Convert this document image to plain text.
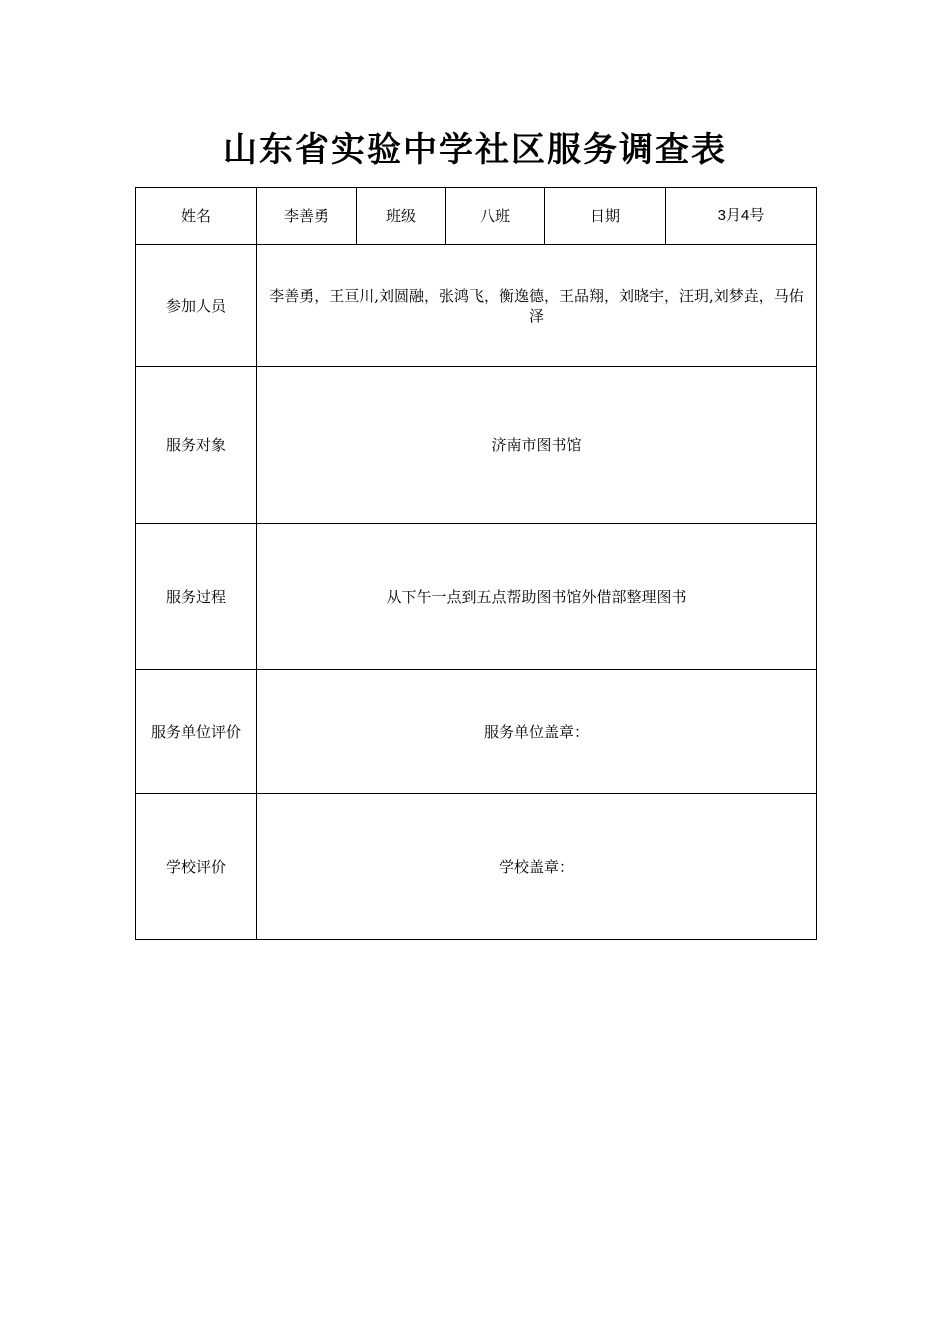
山东省实验中学社区服务调查表
姓名	李善勇	班级	八班	日期	3月4号
参加人员	李善勇，王亘川,刘圆融，张鸿飞，衡逸德，王品翔，刘晓宇，汪玥,刘梦垚，马佑泽				
服务对象	济南市图书馆				
服务过程	从下午一点到五点帮助图书馆外借部整理图书				
服务单位评价	服务单位盖章：				
学校评价	学校盖章：				
